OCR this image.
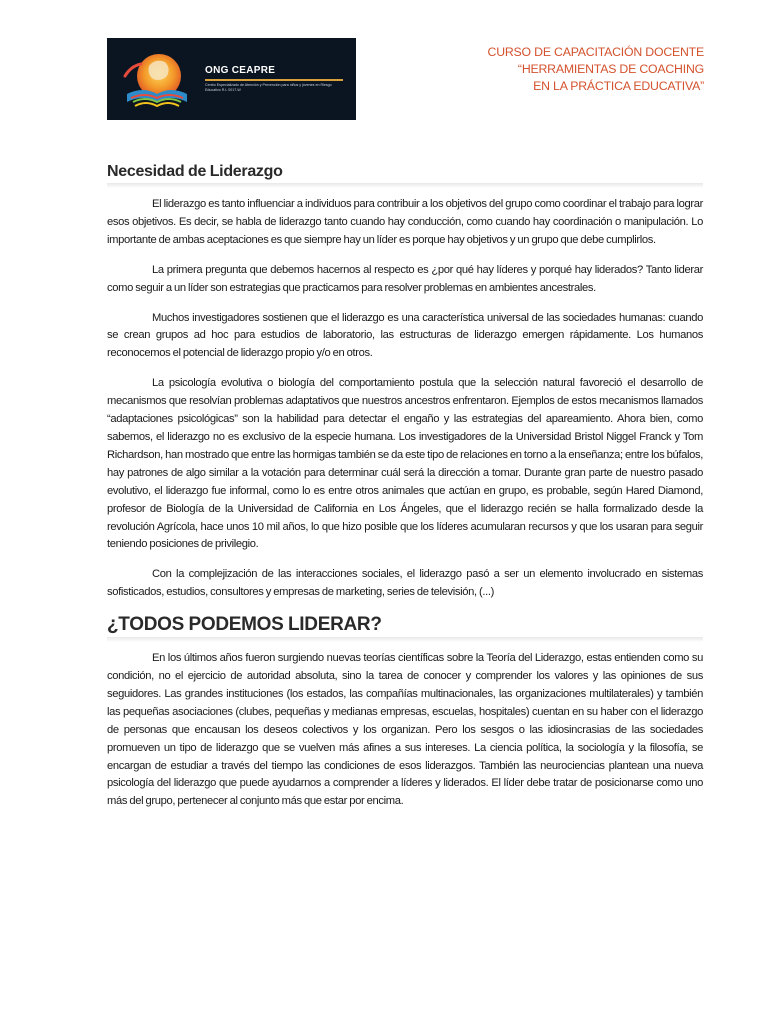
ONG CEAPRE
Centro Especializado de Atención y Prevención para niños y jóvenes en Riesgo Educativo R.L 0017-W
CURSO DE CAPACITACIÓN DOCENTE
“HERRAMIENTAS DE COACHING
EN LA PRÁCTICA EDUCATIVA”
Necesidad de Liderazgo

El liderazgo es tanto influenciar a individuos para contribuir a los objetivos del grupo como coordinar el trabajo para lograr esos objetivos. Es decir, se habla de liderazgo tanto cuando hay conducción, como cuando hay coordinación o manipulación. Lo importante de ambas aceptaciones es que siempre hay un líder es porque hay objetivos y un grupo que debe cumplirlos.

La primera pregunta que debemos hacernos al respecto es ¿por qué hay líderes y porqué hay liderados? Tanto liderar como seguir a un líder son estrategias que practicamos para resolver problemas en ambientes ancestrales.

Muchos investigadores sostienen que el liderazgo es una característica universal de las sociedades humanas: cuando se crean grupos ad hoc para estudios de laboratorio, las estructuras de liderazgo emergen rápidamente. Los humanos reconocemos el potencial de liderazgo propio y/o en otros.

La psicología evolutiva o biología del comportamiento postula que la selección natural favoreció el desarrollo de mecanismos que resolvían problemas adaptativos que nuestros ancestros enfrentaron. Ejemplos de estos mecanismos llamados “adaptaciones psicológicas” son la habilidad para detectar el engaño y las estrategias del apareamiento. Ahora bien, como sabemos, el liderazgo no es exclusivo de la especie humana. Los investigadores de la Universidad Bristol Niggel Franck y Tom Richardson, han mostrado que entre las hormigas también se da este tipo de relaciones en torno a la enseñanza; entre los búfalos, hay patrones de algo similar a la votación para determinar cuál será la dirección a tomar. Durante gran parte de nuestro pasado evolutivo, el liderazgo fue informal, como lo es entre otros animales que actúan en grupo, es probable, según Hared Diamond, profesor de Biología de la Universidad de California en Los Ángeles, que el liderazgo recién se halla formalizado desde la revolución Agrícola, hace unos 10 mil años, lo que hizo posible que los líderes acumularan recursos y que los usaran para seguir teniendo posiciones de privilegio.

Con la complejización de las interacciones sociales, el liderazgo pasó a ser un elemento involucrado en sistemas sofisticados, estudios, consultores y empresas de marketing, series de televisión, (...)

¿TODOS PODEMOS LIDERAR?

En los últimos años fueron surgiendo nuevas teorías científicas sobre la Teoría del Liderazgo, estas entienden como su condición, no el ejercicio de autoridad absoluta, sino la tarea de conocer y comprender los valores y las opiniones de sus seguidores. Las grandes instituciones (los estados, las compañías multinacionales, las organizaciones multilaterales) y también las pequeñas asociaciones (clubes, pequeñas y medianas empresas, escuelas, hospitales) cuentan en su haber con el liderazgo de personas que encausan los deseos colectivos y los organizan. Pero los sesgos o las idiosincrasias de las sociedades promueven un tipo de liderazgo que se vuelven más afines a sus intereses. La ciencia política, la sociología y la filosofía, se encargan de estudiar a través del tiempo las condiciones de esos liderazgos. También las neurociencias plantean una nueva psicología del liderazgo que puede ayudarnos a comprender a líderes y liderados. El líder debe tratar de posicionarse como uno más del grupo, pertenecer al conjunto más que estar por encima.
